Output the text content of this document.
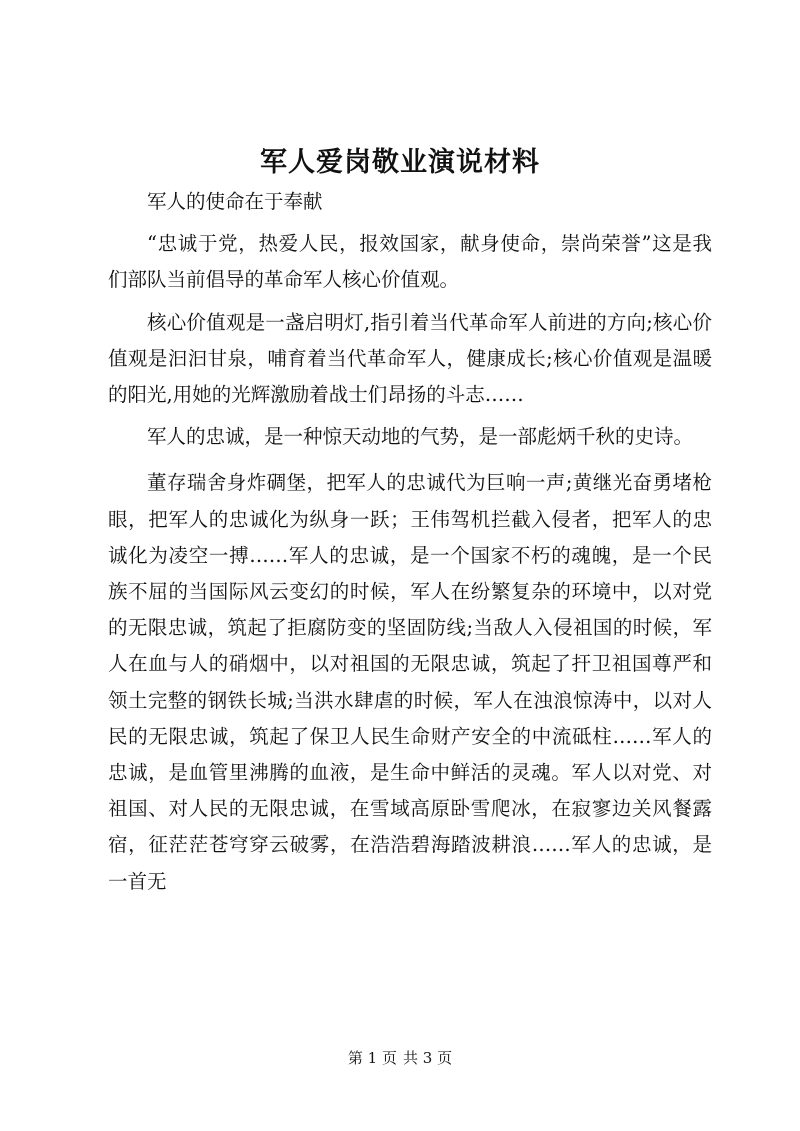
军人爱岗敬业演说材料

军人的使命在于奉献

“忠诚于党，热爱人民，报效国家，献身使命，崇尚荣誉”这是我们部队当前倡导的革命军人核心价值观。

核心价值观是一盏启明灯,指引着当代革命军人前进的方向;核心价值观是汩汩甘泉，哺育着当代革命军人，健康成长;核心价值观是温暖的阳光,用她的光辉激励着战士们昂扬的斗志……

军人的忠诚，是一种惊天动地的气势，是一部彪炳千秋的史诗。

董存瑞舍身炸碉堡，把军人的忠诚代为巨响一声;黄继光奋勇堵枪眼，把军人的忠诚化为纵身一跃；王伟驾机拦截入侵者，把军人的忠诚化为凌空一搏……军人的忠诚，是一个国家不朽的魂魄，是一个民族不屈的当国际风云变幻的时候，军人在纷繁复杂的环境中，以对党的无限忠诚，筑起了拒腐防变的坚固防线;当敌人入侵祖国的时候，军人在血与人的硝烟中，以对祖国的无限忠诚，筑起了扞卫祖国尊严和领土完整的钢铁长城;当洪水肆虐的时候，军人在浊浪惊涛中，以对人民的无限忠诚，筑起了保卫人民生命财产安全的中流砥柱……军人的忠诚，是血管里沸腾的血液，是生命中鲜活的灵魂。军人以对党、对祖国、对人民的无限忠诚，在雪域高原卧雪爬冰，在寂寥边关风餐露宿，征茫茫苍穹穿云破雾，在浩浩碧海踏波耕浪……军人的忠诚，是一首无

第 1 页 共 3 页
